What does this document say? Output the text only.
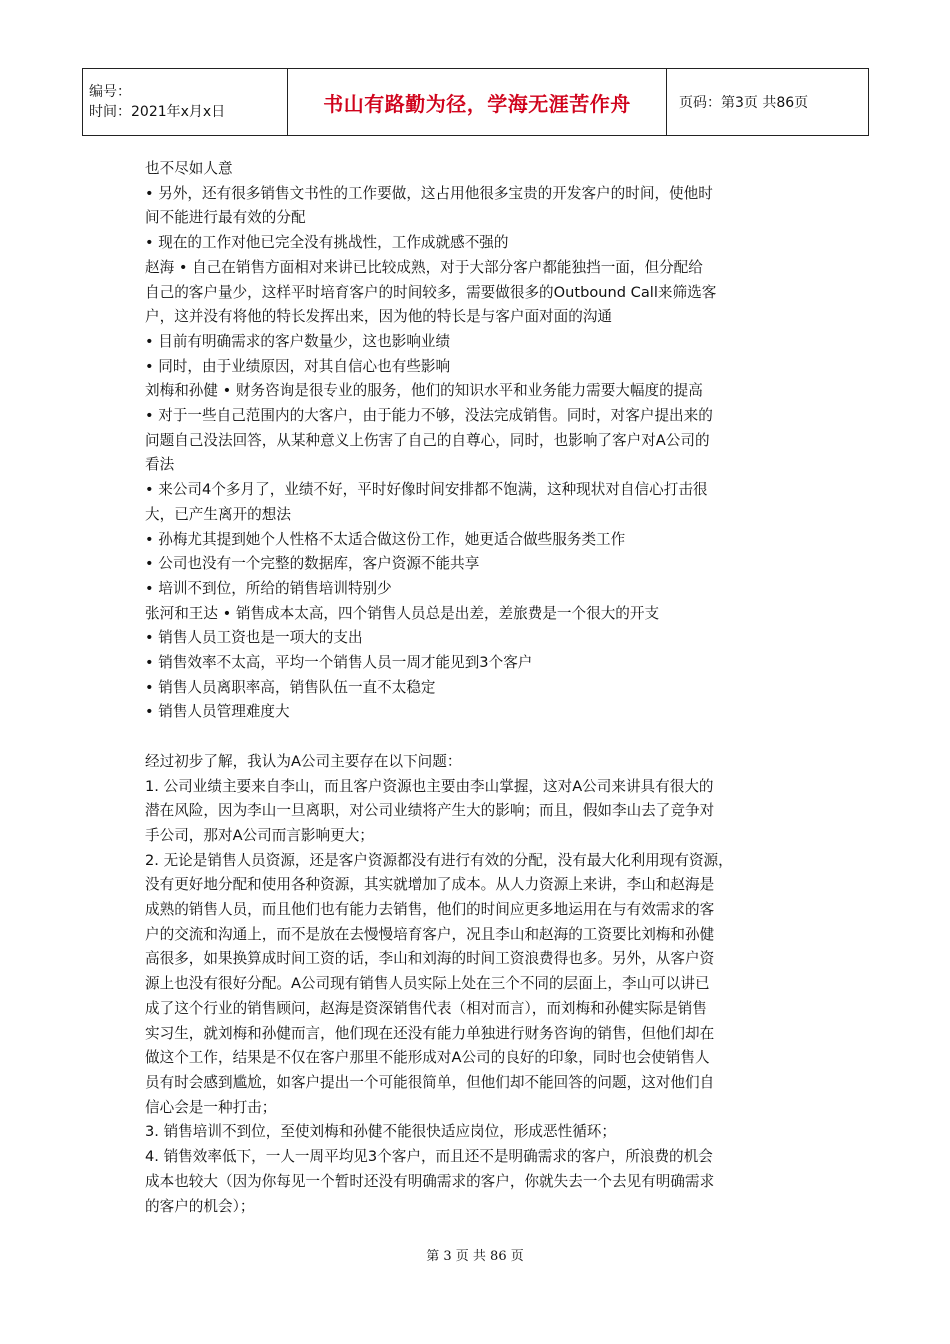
编号：
时间：2021年x月x日	书山有路勤为径，学海无涯苦作舟	页码：第3页 共86页

也不尽如人意

• 另外，还有很多销售文书性的工作要做，这占用他很多宝贵的开发客户的时间，使他时

间不能进行最有效的分配

• 现在的工作对他已完全没有挑战性，工作成就感不强的

赵海 • 自己在销售方面相对来讲已比较成熟，对于大部分客户都能独挡一面，但分配给

自己的客户量少，这样平时培育客户的时间较多，需要做很多的Outbound Call来筛选客

户，这并没有将他的特长发挥出来，因为他的特长是与客户面对面的沟通

• 目前有明确需求的客户数量少，这也影响业绩

• 同时，由于业绩原因，对其自信心也有些影响

刘梅和孙健 • 财务咨询是很专业的服务，他们的知识水平和业务能力需要大幅度的提高

• 对于一些自己范围内的大客户，由于能力不够，没法完成销售。同时，对客户提出来的

问题自己没法回答，从某种意义上伤害了自己的自尊心，同时，也影响了客户对A公司的

看法

• 来公司4个多月了，业绩不好，平时好像时间安排都不饱满，这种现状对自信心打击很

大，已产生离开的想法

• 孙梅尤其提到她个人性格不太适合做这份工作，她更适合做些服务类工作

• 公司也没有一个完整的数据库，客户资源不能共享

• 培训不到位，所给的销售培训特别少

张河和王达 • 销售成本太高，四个销售人员总是出差，差旅费是一个很大的开支

• 销售人员工资也是一项大的支出

• 销售效率不太高，平均一个销售人员一周才能见到3个客户

• 销售人员离职率高，销售队伍一直不太稳定

• 销售人员管理难度大

经过初步了解，我认为A公司主要存在以下问题：

1. 公司业绩主要来自李山，而且客户资源也主要由李山掌握，这对A公司来讲具有很大的

潜在风险，因为李山一旦离职，对公司业绩将产生大的影响；而且，假如李山去了竞争对

手公司，那对A公司而言影响更大；

2. 无论是销售人员资源，还是客户资源都没有进行有效的分配，没有最大化利用现有资源，

没有更好地分配和使用各种资源，其实就增加了成本。从人力资源上来讲，李山和赵海是

成熟的销售人员，而且他们也有能力去销售，他们的时间应更多地运用在与有效需求的客

户的交流和沟通上，而不是放在去慢慢培育客户，况且李山和赵海的工资要比刘梅和孙健

高很多，如果换算成时间工资的话，李山和刘海的时间工资浪费得也多。另外，从客户资

源上也没有很好分配。A公司现有销售人员实际上处在三个不同的层面上，李山可以讲已

成了这个行业的销售顾问，赵海是资深销售代表（相对而言），而刘梅和孙健实际是销售

实习生，就刘梅和孙健而言，他们现在还没有能力单独进行财务咨询的销售，但他们却在

做这个工作，结果是不仅在客户那里不能形成对A公司的良好的印象，同时也会使销售人

员有时会感到尴尬，如客户提出一个可能很简单，但他们却不能回答的问题，这对他们自

信心会是一种打击；

3. 销售培训不到位，至使刘梅和孙健不能很快适应岗位，形成恶性循环；

4. 销售效率低下，一人一周平均见3个客户，而且还不是明确需求的客户，所浪费的机会

成本也较大（因为你每见一个暂时还没有明确需求的客户，你就失去一个去见有明确需求

的客户的机会）；

第 3 页 共 86 页
